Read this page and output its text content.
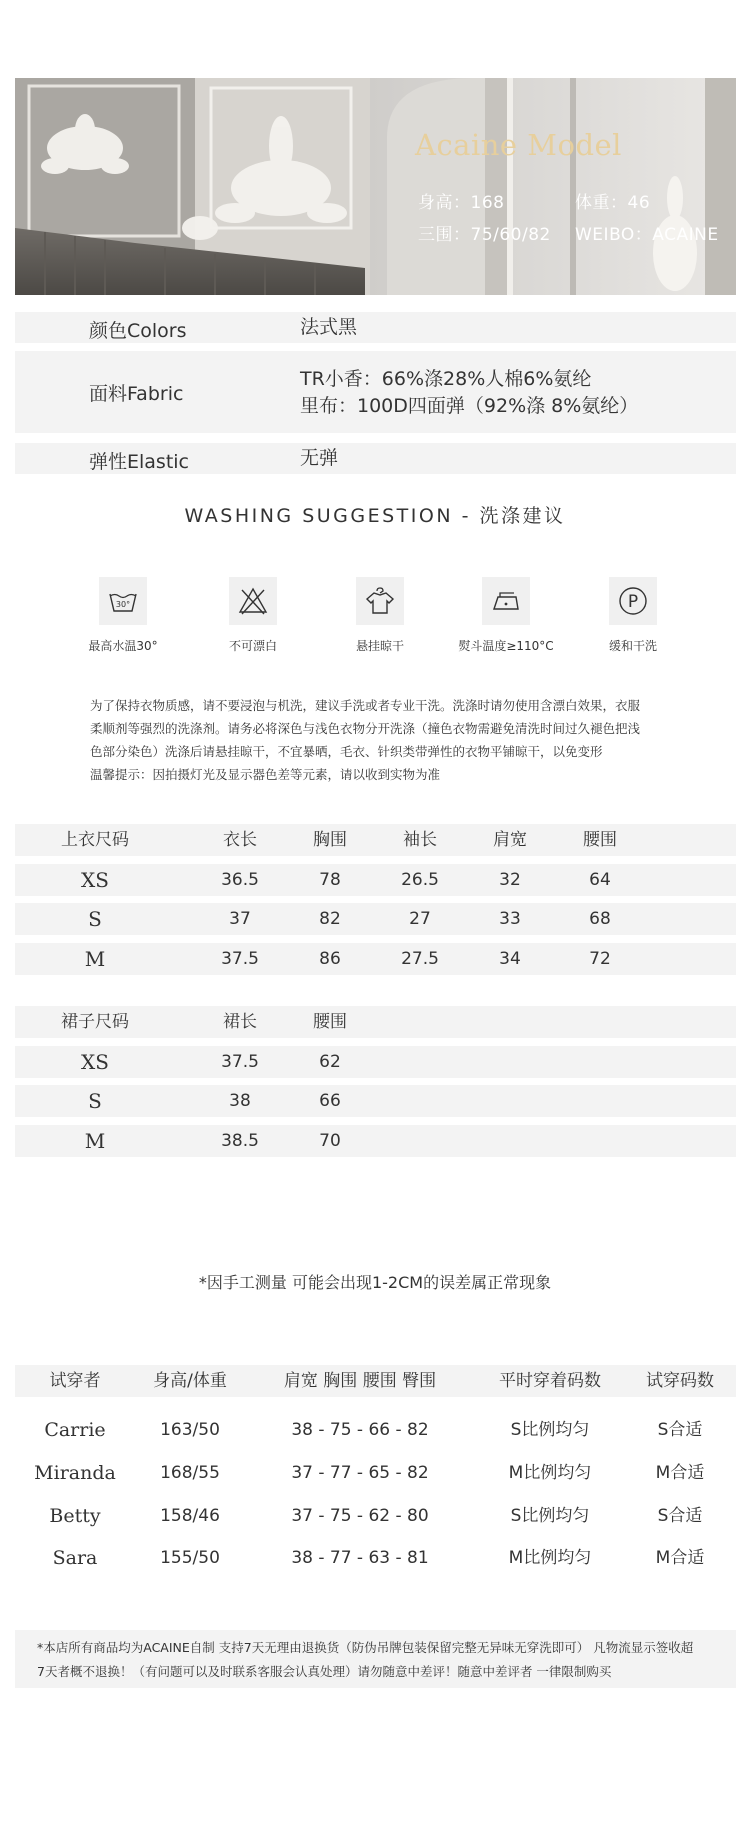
Acaine Model
身高：168	体重：46
三围：75/60/82 WEIBO：ACAINE
颜色Colors	法式黑
面料Fabric
TR小香：66%涤28%人棉6%氨纶
里布：100D四面弹（92%涤 8%氨纶）
弹性Elastic	无弹
WASHING SUGGESTION - 洗涤建议
30°
最高水温30°	不可漂白	悬挂晾干	熨斗温度≥110°C
P
缓和干洗
为了保持衣物质感，请不要浸泡与机洗，建议手洗或者专业干洗。洗涤时请勿使用含漂白效果，衣服
柔顺剂等强烈的洗涤剂。请务必将深色与浅色衣物分开洗涤（撞色衣物需避免清洗时间过久褪色把浅
色部分染色）洗涤后请悬挂晾干，不宜暴晒，毛衣、针织类带弹性的衣物平铺晾干，以免变形
温馨提示：因拍摄灯光及显示器色差等元素，请以收到实物为准
上衣尺码	衣长	胸围	袖长	肩宽	腰围
XS	36.5	78	26.5	32	64
S	37	82	27	33	68
M	37.5	86	27.5	34	72
裙子尺码	裙长	腰围
XS	37.5	62
S	38	66
M	38.5	70
*因手工测量 可能会出现1-2CM的误差属正常现象
试穿者	身高/体重	肩宽 胸围 腰围 臀围	平时穿着码数	试穿码数
Carrie	163/50	38 - 75 - 66 - 82	S比例均匀	S合适
Miranda	168/55	37 - 77 - 65 - 82	M比例均匀	M合适
Betty	158/46	37 - 75 - 62 - 80	S比例均匀	S合适
Sara	155/50	38 - 77 - 63 - 81	M比例均匀	M合适
*本店所有商品均为ACAINE自制 支持7天无理由退换货（防伪吊牌包装保留完整无异味无穿洗即可） 凡物流显示签收超
7天者概不退换！（有问题可以及时联系客服会认真处理）请勿随意中差评！随意中差评者 一律限制购买
